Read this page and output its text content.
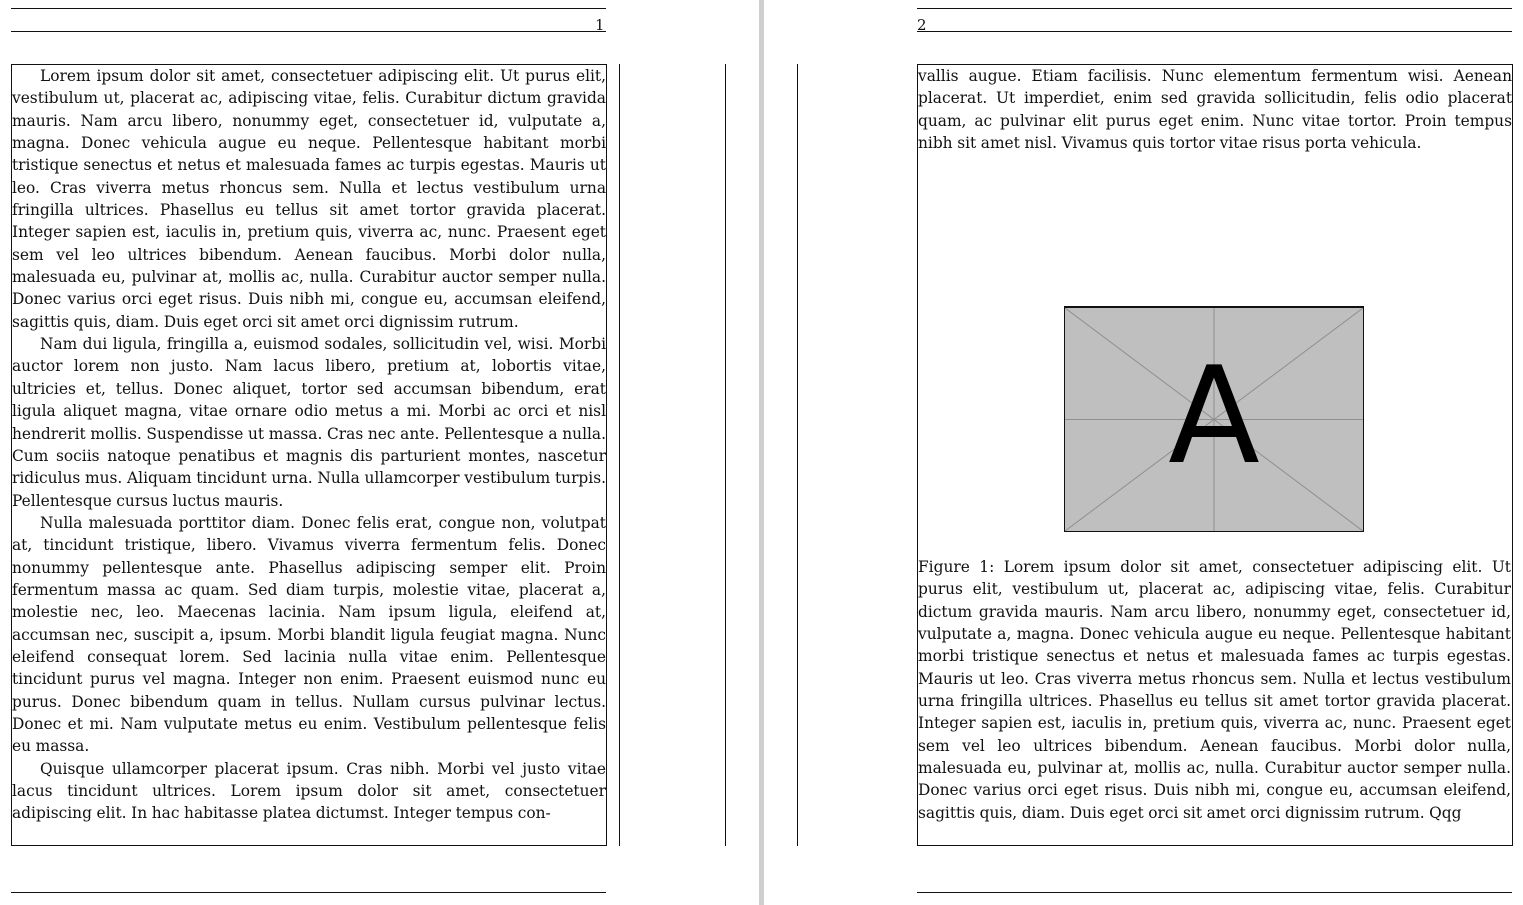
1

Lorem ipsum dolor sit amet, consectetuer adipiscing elit. Ut purus elit, vestibulum ut, placerat ac, adipiscing vitae, felis. Curabitur dictum gravida mauris. Nam arcu libero, nonummy eget, consectetuer id, vulputate a, magna. Donec vehicula augue eu neque. Pellentesque habitant morbi tristique senectus et netus et malesuada fames ac turpis egestas. Mauris ut leo. Cras viverra metus rhoncus sem. Nulla et lectus vestibulum urna fringilla ultrices. Phasellus eu tellus sit amet tortor gravida placerat. Integer sapien est, iaculis in, pretium quis, viverra ac, nunc. Praesent eget sem vel leo ultrices bibendum. Aenean faucibus. Morbi dolor nulla, malesuada eu, pulvinar at, mollis ac, nulla. Curabitur auctor semper nulla. Donec varius orci eget risus. Duis nibh mi, congue eu, accumsan eleifend, sagittis quis, diam. Duis eget orci sit amet orci dignissim rutrum.

Nam dui ligula, fringilla a, euismod sodales, sollicitudin vel, wisi. Morbi auctor lorem non justo. Nam lacus libero, pretium at, lobortis vitae, ultricies et, tellus. Donec aliquet, tortor sed accumsan bibendum, erat ligula aliquet magna, vitae ornare odio metus a mi. Morbi ac orci et nisl hendrerit mollis. Suspendisse ut massa. Cras nec ante. Pellentesque a nulla. Cum sociis natoque penatibus et magnis dis parturient montes, nascetur ridiculus mus. Aliquam tincidunt urna. Nulla ullamcorper vestibulum turpis. Pellentesque cursus luctus mauris.

Nulla malesuada porttitor diam. Donec felis erat, congue non, volutpat at, tincidunt tristique, libero. Vivamus viverra fermentum felis. Donec nonummy pellentesque ante. Phasellus adipiscing semper elit. Proin fermentum massa ac quam. Sed diam turpis, molestie vitae, placerat a, molestie nec, leo. Maecenas lacinia. Nam ipsum ligula, eleifend at, accumsan nec, suscipit a, ipsum. Morbi blandit ligula feugiat magna. Nunc eleifend consequat lorem. Sed lacinia nulla vitae enim. Pellentesque tincidunt purus vel magna. Integer non enim. Praesent euismod nunc eu purus. Donec bibendum quam in tellus. Nullam cursus pulvinar lectus. Donec et mi. Nam vulputate metus eu enim. Vestibulum pellentesque felis eu massa.

Quisque ullamcorper placerat ipsum. Cras nibh. Morbi vel justo vitae lacus tincidunt ultrices. Lorem ipsum dolor sit amet, consectetuer adipiscing elit. In hac habitasse platea dictumst. Integer tempus con-

2

vallis augue. Etiam facilisis. Nunc elementum fermentum wisi. Aenean placerat. Ut imperdiet, enim sed gravida sollicitudin, felis odio placerat quam, ac pulvinar elit purus eget enim. Nunc vitae tortor. Proin tempus nibh sit amet nisl. Vivamus quis tortor vitae risus porta vehicula.

A

Figure 1: Lorem ipsum dolor sit amet, consectetuer adipiscing elit. Ut purus elit, vestibulum ut, placerat ac, adipiscing vitae, felis. Curabitur dictum gravida mauris. Nam arcu libero, nonummy eget, consectetuer id, vulputate a, magna. Donec vehicula augue eu neque. Pellentesque habitant morbi tristique senectus et netus et malesuada fames ac turpis egestas. Mauris ut leo. Cras viverra metus rhoncus sem. Nulla et lectus vestibulum urna fringilla ultrices. Phasellus eu tellus sit amet tortor gravida placerat. Integer sapien est, iaculis in, pretium quis, viverra ac, nunc. Praesent eget sem vel leo ultrices bibendum. Aenean faucibus. Morbi dolor nulla, malesuada eu, pulvinar at, mollis ac, nulla. Curabitur auctor semper nulla. Donec varius orci eget risus. Duis nibh mi, congue eu, accumsan eleifend, sagittis quis, diam. Duis eget orci sit amet orci dignissim rutrum. Qqg
